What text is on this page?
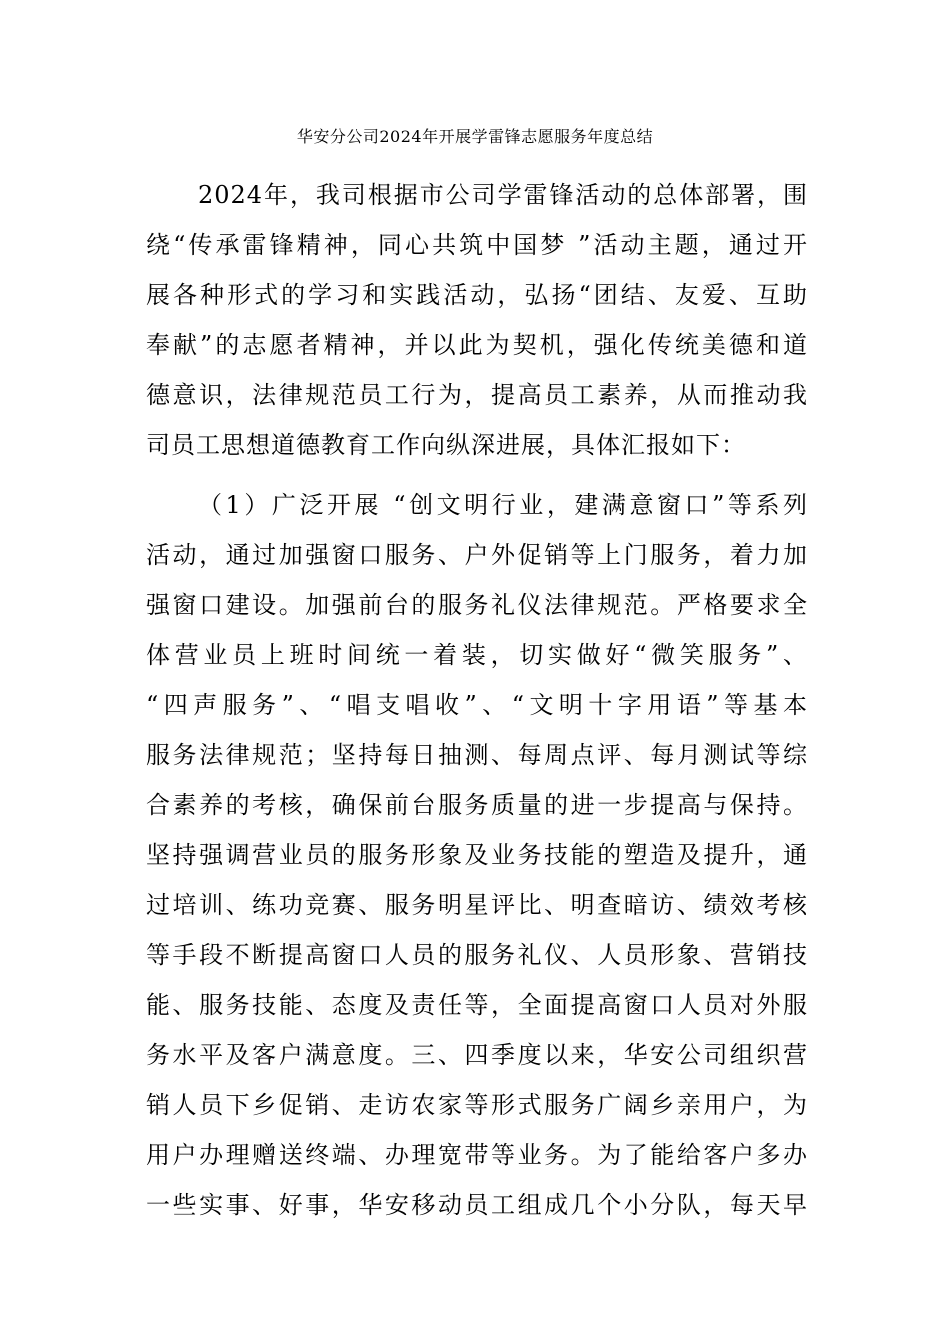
华安分公司2024年开展学雷锋志愿服务年度总结
2024年，我司根据市公司学雷锋活动的总体部署，围
绕“传承雷锋精神，同心共筑中国梦 ”活动主题，通过开
展各种形式的学习和实践活动，弘扬“团结、友爱、互助
奉献”的志愿者精神，并以此为契机，强化传统美德和道
德意识，法律规范员工行为，提高员工素养，从而推动我
司员工思想道德教育工作向纵深进展，具体汇报如下：
（1）广泛开展 “创文明行业，建满意窗口”等系列
活动，通过加强窗口服务、户外促销等上门服务，着力加
强窗口建设。加强前台的服务礼仪法律规范。严格要求全
体营业员上班时间统一着装，切实做好“微笑服务”、
“四声服务”、“唱支唱收”、“文明十字用语”等基本
服务法律规范；坚持每日抽测、每周点评、每月测试等综
合素养的考核，确保前台服务质量的进一步提高与保持。
坚持强调营业员的服务形象及业务技能的塑造及提升，通
过培训、练功竞赛、服务明星评比、明查暗访、绩效考核
等手段不断提高窗口人员的服务礼仪、人员形象、营销技
能、服务技能、态度及责任等，全面提高窗口人员对外服
务水平及客户满意度。三、四季度以来，华安公司组织营
销人员下乡促销、走访农家等形式服务广阔乡亲用户，为
用户办理赠送终端、办理宽带等业务。为了能给客户多办
一些实事、好事，华安移动员工组成几个小分队，每天早
